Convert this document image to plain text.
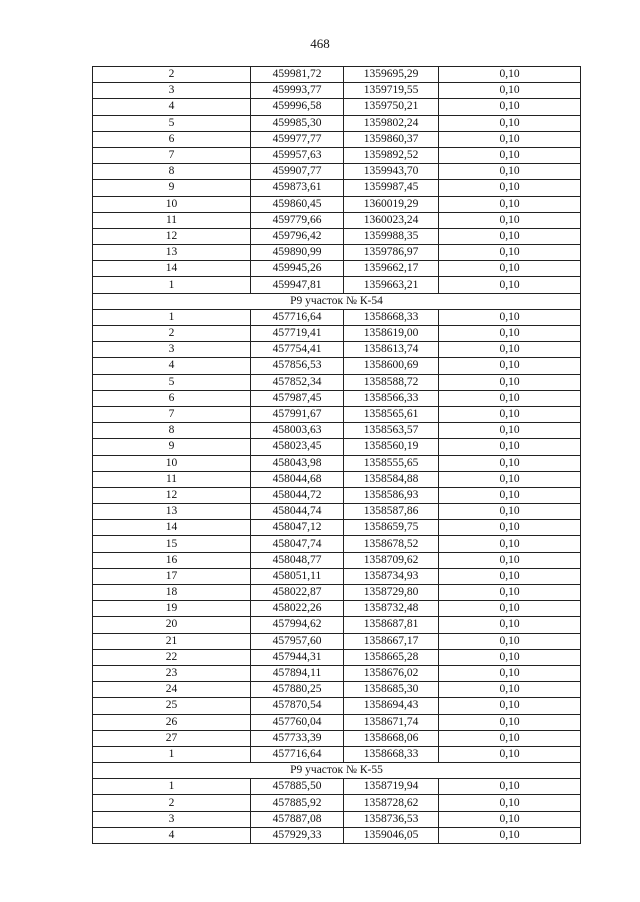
468
2	459981,72	1359695,29	0,10
3	459993,77	1359719,55	0,10
4	459996,58	1359750,21	0,10
5	459985,30	1359802,24	0,10
6	459977,77	1359860,37	0,10
7	459957,63	1359892,52	0,10
8	459907,77	1359943,70	0,10
9	459873,61	1359987,45	0,10
10	459860,45	1360019,29	0,10
11	459779,66	1360023,24	0,10
12	459796,42	1359988,35	0,10
13	459890,99	1359786,97	0,10
14	459945,26	1359662,17	0,10
1	459947,81	1359663,21	0,10
Р9 участок № К-54			
1	457716,64	1358668,33	0,10
2	457719,41	1358619,00	0,10
3	457754,41	1358613,74	0,10
4	457856,53	1358600,69	0,10
5	457852,34	1358588,72	0,10
6	457987,45	1358566,33	0,10
7	457991,67	1358565,61	0,10
8	458003,63	1358563,57	0,10
9	458023,45	1358560,19	0,10
10	458043,98	1358555,65	0,10
11	458044,68	1358584,88	0,10
12	458044,72	1358586,93	0,10
13	458044,74	1358587,86	0,10
14	458047,12	1358659,75	0,10
15	458047,74	1358678,52	0,10
16	458048,77	1358709,62	0,10
17	458051,11	1358734,93	0,10
18	458022,87	1358729,80	0,10
19	458022,26	1358732,48	0,10
20	457994,62	1358687,81	0,10
21	457957,60	1358667,17	0,10
22	457944,31	1358665,28	0,10
23	457894,11	1358676,02	0,10
24	457880,25	1358685,30	0,10
25	457870,54	1358694,43	0,10
26	457760,04	1358671,74	0,10
27	457733,39	1358668,06	0,10
1	457716,64	1358668,33	0,10
Р9 участок № К-55			
1	457885,50	1358719,94	0,10
2	457885,92	1358728,62	0,10
3	457887,08	1358736,53	0,10
4	457929,33	1359046,05	0,10
